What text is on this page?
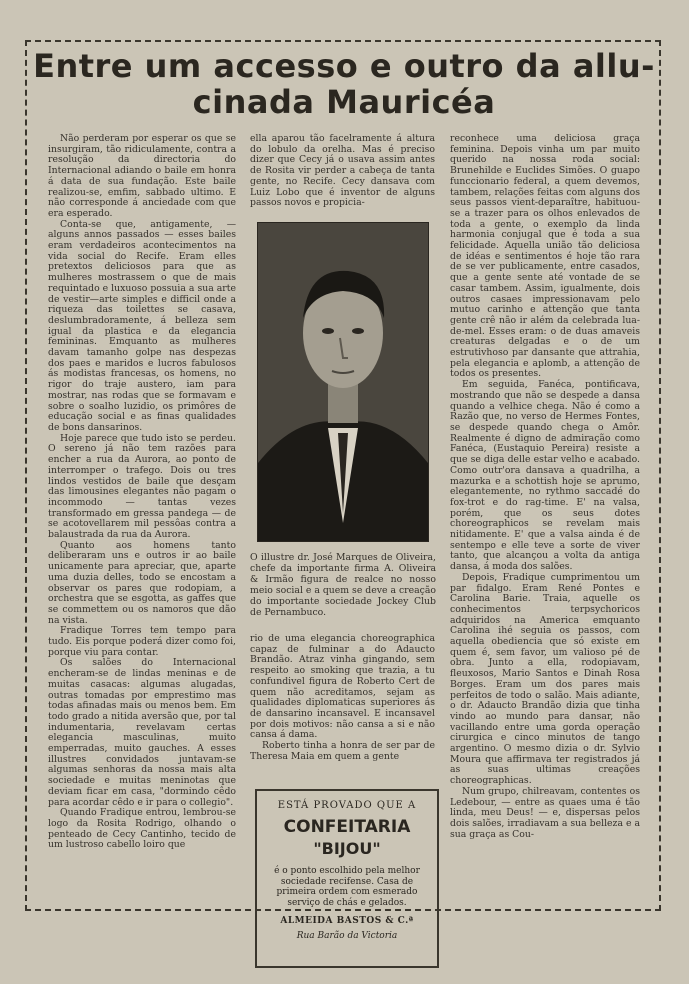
Entre um accesso e outro da allu-
cinada Mauricéa

Não perderam por esperar os que se insurgiram, tão ridiculamente, contra a resolução da directoria do Internacional adiando o baile em honra á data de sua fundação. Este baile realizou-se, emfim, sabbado ultimo. E não corresponde á anciedade com que era esperado.

Conta-se que, antigamente, — alguns annos passados — esses bailes eram verdadeiros acontecimentos na vida social do Recife. Eram elles pretextos deliciosos para que as mulheres mostrassem o que de mais requintado e luxuoso possuia a sua arte de vestir—arte simples e difficil onde a riqueza das toilettes se casava, deslumbradoramente, á belleza sem igual da plastica e da elegancia femininas. Emquanto as mulheres davam tamanho golpe nas despezas dos paes e maridos e lucros fabulosos ás modistas francesas, os homens, no rigor do traje austero, iam para mostrar, nas rodas que se formavam e sobre o soalho luzidio, os primôres de educação social e as finas qualidades de bons dansarinos.

Hoje parece que tudo isto se perdeu. O sereno já não tem razões para encher a rua da Aurora, ao ponto de interromper o trafego. Dois ou tres lindos vestidos de baile que desçam das limousines elegantes não pagam o incommodo — tantas vezes transformado em gressa pandega — de se acotovellarem mil pessôas contra a balaustrada da rua da Aurora.

Quanto aos homens tanto deliberaram uns e outros ir ao baile unicamente para apreciar, que, aparte uma duzia delles, todo se encostam a observar os pares que rodopiam, a orchestra que se esgotta, as gaffes que se commettem ou os namoros que dão na vista.

Fradique Torres tem tempo para tudo. Eis porque poderá dizer como foi, porque viu para contar.

Os salões do Internacional encheram-se de lindas meninas e de muitas casacas: algumas alugadas, outras tomadas por emprestimo mas todas afinadas mais ou menos bem. Em todo grado a nitida aversão que, por tal indumentaria, revelavam certas elegancia masculinas, muito emperradas, muito gauches. A esses illustres convidados juntavam-se algumas senhoras da nossa mais alta sociedade e muitas meninotas que deviam ficar em casa, "dormindo cêdo para acordar cêdo e ir para o collegio".

Quando Fradique entrou, lembrou-se logo da Rosita Rodrigo, olhando o penteado de Cecy Cantinho, tecido de um lustroso cabello loiro que

ella aparou tão facelramente á altura do lobulo da orelha. Mas é preciso dizer que Cecy já o usava assim antes de Rosita vir perder a cabeça de tanta gente, no Recife. Cecy dansava com Luiz Lobo que é inventor de alguns passos novos e propicia-

O illustre dr. José Marques de Oliveira, chefe da importante firma A. Oliveira & Irmão figura de realce no nosso meio social e a quem se deve a creação do importante sociedade Jockey Club de Pernambuco.

rio de uma elegancia choreographica capaz de fulminar a do Adaucto Brandão. Atraz vinha gingando, sem respeito ao smoking que trazia, a tu confundivel figura de Roberto Cert de quem não acreditamos, sejam as qualidades diplomaticas superiores ás de dansarino incansavel. E incansavel por dois motivos: não cansa a si e não cansa á dama.

Roberto tinha a honra de ser par de Theresa Maia em quem a gente

reconhece uma deliciosa graça feminina. Depois vinha um par muito querido na nossa roda social: Brunehilde e Euclides Simões. O guapo funccionario federal, a quem devemos, tambem, relações feitas com alguns dos seus passos vient-deparaître, habituou-se a trazer para os olhos enlevados de toda a gente, o exemplo da linda harmonia conjugal que é toda a sua felicidade. Aquella união tão deliciosa de idéas e sentimentos é hoje tão rara de se ver publicamente, entre casados, que a gente sente até vontade de se casar tambem. Assim, igualmente, dois outros casaes impressionavam pelo mutuo carinho e attenção que tanta gente crê não ir além da celebrada lua-de-mel. Esses eram: o de duas amaveis creaturas delgadas e o de um estrutivhoso par dansante que attrahia, pela elegancia e aplomb, a attenção de todos os presentes.

Em seguida, Fanéca, pontificava, mostrando que não se despede a dansa quando a velhice chega. Não é como a Razão que, no verso de Hermes Fontes, se despede quando chega o Amôr. Realmente é digno de admiração como Fanéca, (Eustaquio Pereira) resiste a que se diga delle estar velho e acabado. Como outr'ora dansava a quadrilha, a mazurka e a schottish hoje se aprumo, elegantemente, no rythmo saccadé do fox-trot e do rag-time. E' na valsa, porém, que os seus dotes choreographicos se revelam mais nitidamente. E' que a valsa ainda é de sentempo e elle teve a sorte de viver tanto, que alcançou a volta da antiga dansa, á moda dos salões.

Depois, Fradique cumprimentou um par fidalgo. Eram René Pontes e Carolina Barie. Traia, aquelle os conhecimentos terpsychoricos adquiridos na America emquanto Carolina ihé seguia os passos, com aquella obediencia que só existe em quem é, sem favor, um valioso pé de obra. Junto a ella, rodopiavam, fleuxosos, Mario Santos e Dinah Rosa Borges. Eram um dos pares mais perfeitos de todo o salão. Mais adiante, o dr. Adaucto Brandão dizia que tinha vindo ao mundo para dansar, não vacillando entre uma gorda operação cirurgica e cinco minutos de tango argentino. O mesmo dizia o dr. Sylvio Moura que affirmava ter registrados já as suas ultimas creações choreographicas.

Num grupo, chilreavam, contentes os Ledebour, — entre as quaes uma é tão linda, meu Deus! — e, dispersas pelos dois salões, irradiavam a sua belleza e a sua graça as Cou-

ESTÁ PROVADO QUE A
CONFEITARIA
"BIJOU"
é o ponto escolhido pela melhor sociedade recifense. Casa de primeira ordem com esmerado serviço de chás e gelados.
ALMEIDA BASTOS & C.ª
Rua Barão da Victoria
